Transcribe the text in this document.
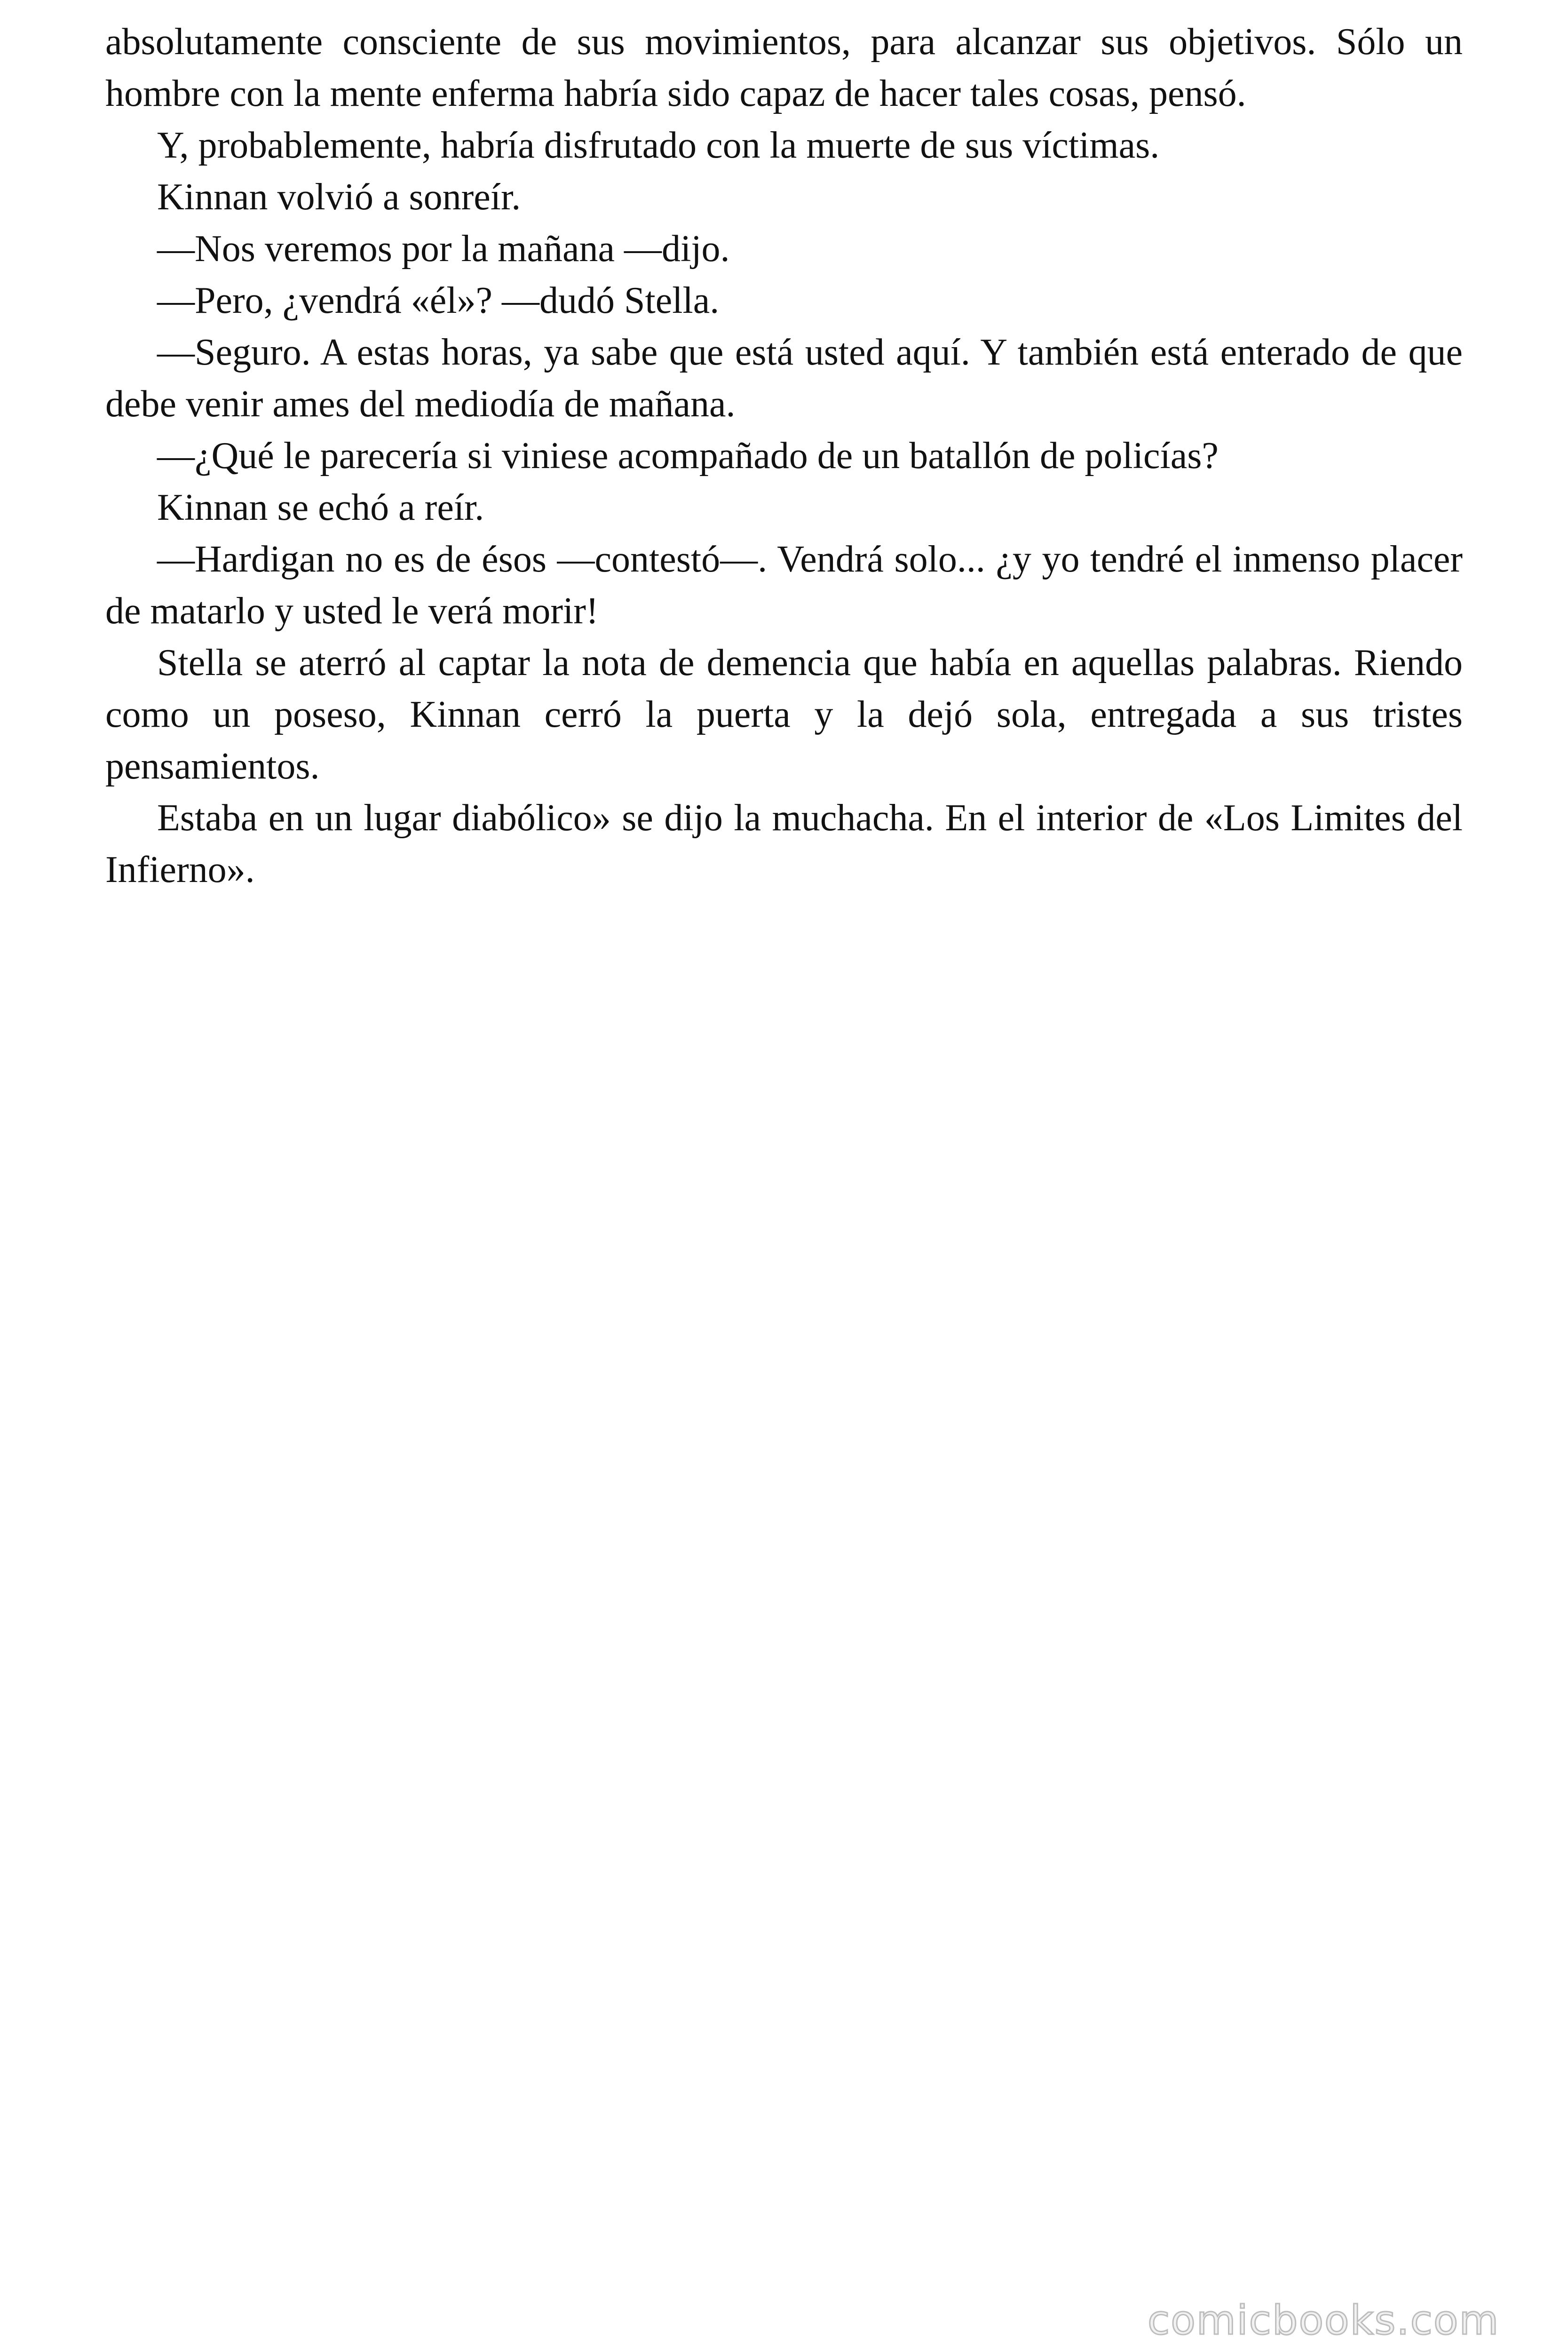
absolutamente consciente de sus movimientos, para alcanzar sus objetivos. Sólo un hombre con la mente enferma habría sido capaz de hacer tales cosas, pensó.

Y, probablemente, habría disfrutado con la muerte de sus víctimas.

Kinnan volvió a sonreír.

—Nos veremos por la mañana —dijo.

—Pero, ¿vendrá «él»? —dudó Stella.

—Seguro. A estas horas, ya sabe que está usted aquí. Y también está enterado de que debe venir ames del mediodía de mañana.

—¿Qué le parecería si viniese acompañado de un batallón de policías?

Kinnan se echó a reír.

—Hardigan no es de ésos —contestó—. Vendrá solo... ¿y yo tendré el inmenso placer de matarlo y usted le verá morir!

Stella se aterró al captar la nota de demencia que había en aquellas palabras. Riendo como un poseso, Kinnan cerró la puerta y la dejó sola, entregada a sus tristes pensamientos.

Estaba en un lugar diabólico» se dijo la muchacha. En el interior de «Los Limites del Infierno».

comicbooks.com
